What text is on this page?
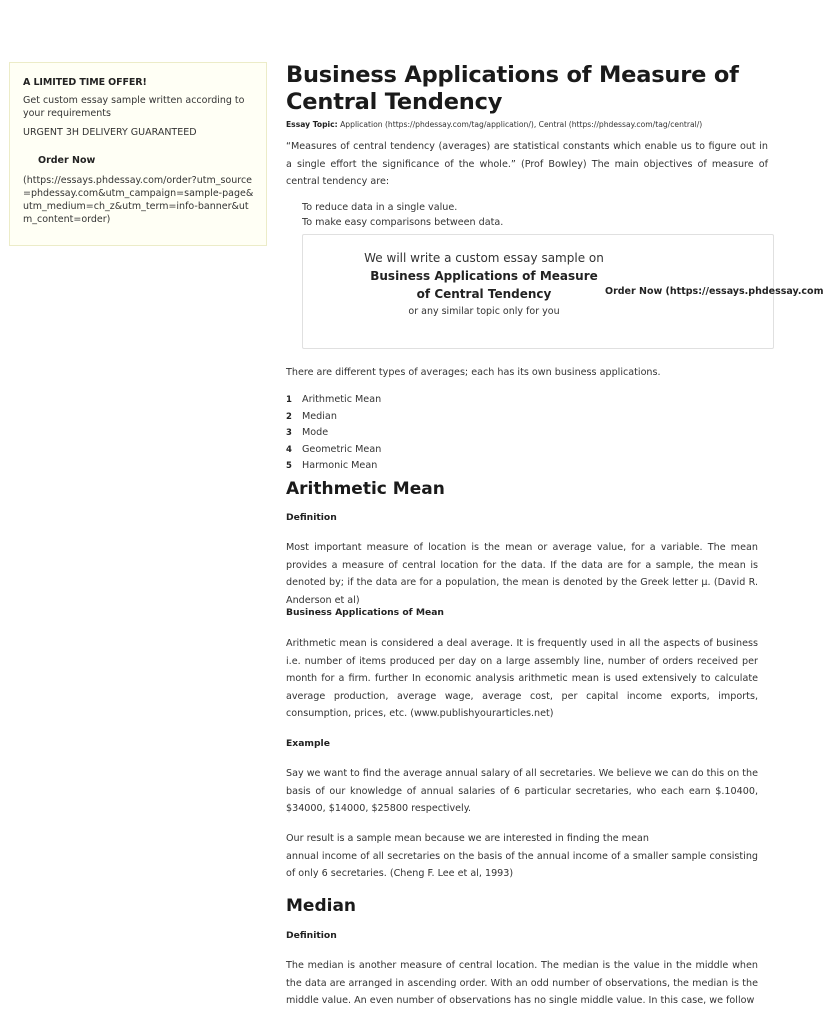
A LIMITED TIME OFFER!
Get custom essay sample written according to your requirements
URGENT 3H DELIVERY GUARANTEED
Order Now
(https://essays.phdessay.com/order?utm_source=phdessay.com&utm_campaign=sample-page&utm_medium=ch_z&utm_term=info-banner&utm_content=order)
Business Applications of Measure of Central Tendency
Essay Topic: Application (https://phdessay.com/tag/application/), Central (https://phdessay.com/tag/central/)

“Measures of central tendency (averages) are statistical constants which enable us to figure out in a single effort the significance of the whole.” (Prof Bowley) The main objectives of measure of central tendency are:

To reduce data in a single value.
To make easy comparisons between data.
We will write a custom essay sample on
Business Applications of Measure of Central Tendency
or any similar topic only for you
Order Now (https://essays.phdessay.com

There are different types of averages; each has its own business applications.

1 Arithmetic Mean
2 Median
3 Mode
4 Geometric Mean
5 Harmonic Mean
Arithmetic Mean
Definition

Most important measure of location is the mean or average value, for a variable. The mean provides a measure of central location for the data. If the data are for a sample, the mean is denoted by; if the data are for a population, the mean is denoted by the Greek letter μ. (David R. Anderson et al)

Business Applications of Mean

Arithmetic mean is considered a deal average. It is frequently used in all the aspects of business i.e. number of items produced per day on a large assembly line, number of orders received per month for a firm. further In economic analysis arithmetic mean is used extensively to calculate average production, average wage, average cost, per capital income exports, imports, consumption, prices, etc. (www.publishyourarticles.net)

Example

Say we want to find the average annual salary of all secretaries. We believe we can do this on the basis of our knowledge of annual salaries of 6 particular secretaries, who each earn $.10400, $34000, $14000, $25800 respectively.

Our result is a sample mean because we are interested in finding the mean
annual income of all secretaries on the basis of the annual income of a smaller sample consisting of only 6 secretaries. (Cheng F. Lee et al, 1993)

Median
Definition

The median is another measure of central location. The median is the value in the middle when the data are arranged in ascending order. With an odd number of observations, the median is the middle value. An even number of observations has no single middle value. In this case, we follow
